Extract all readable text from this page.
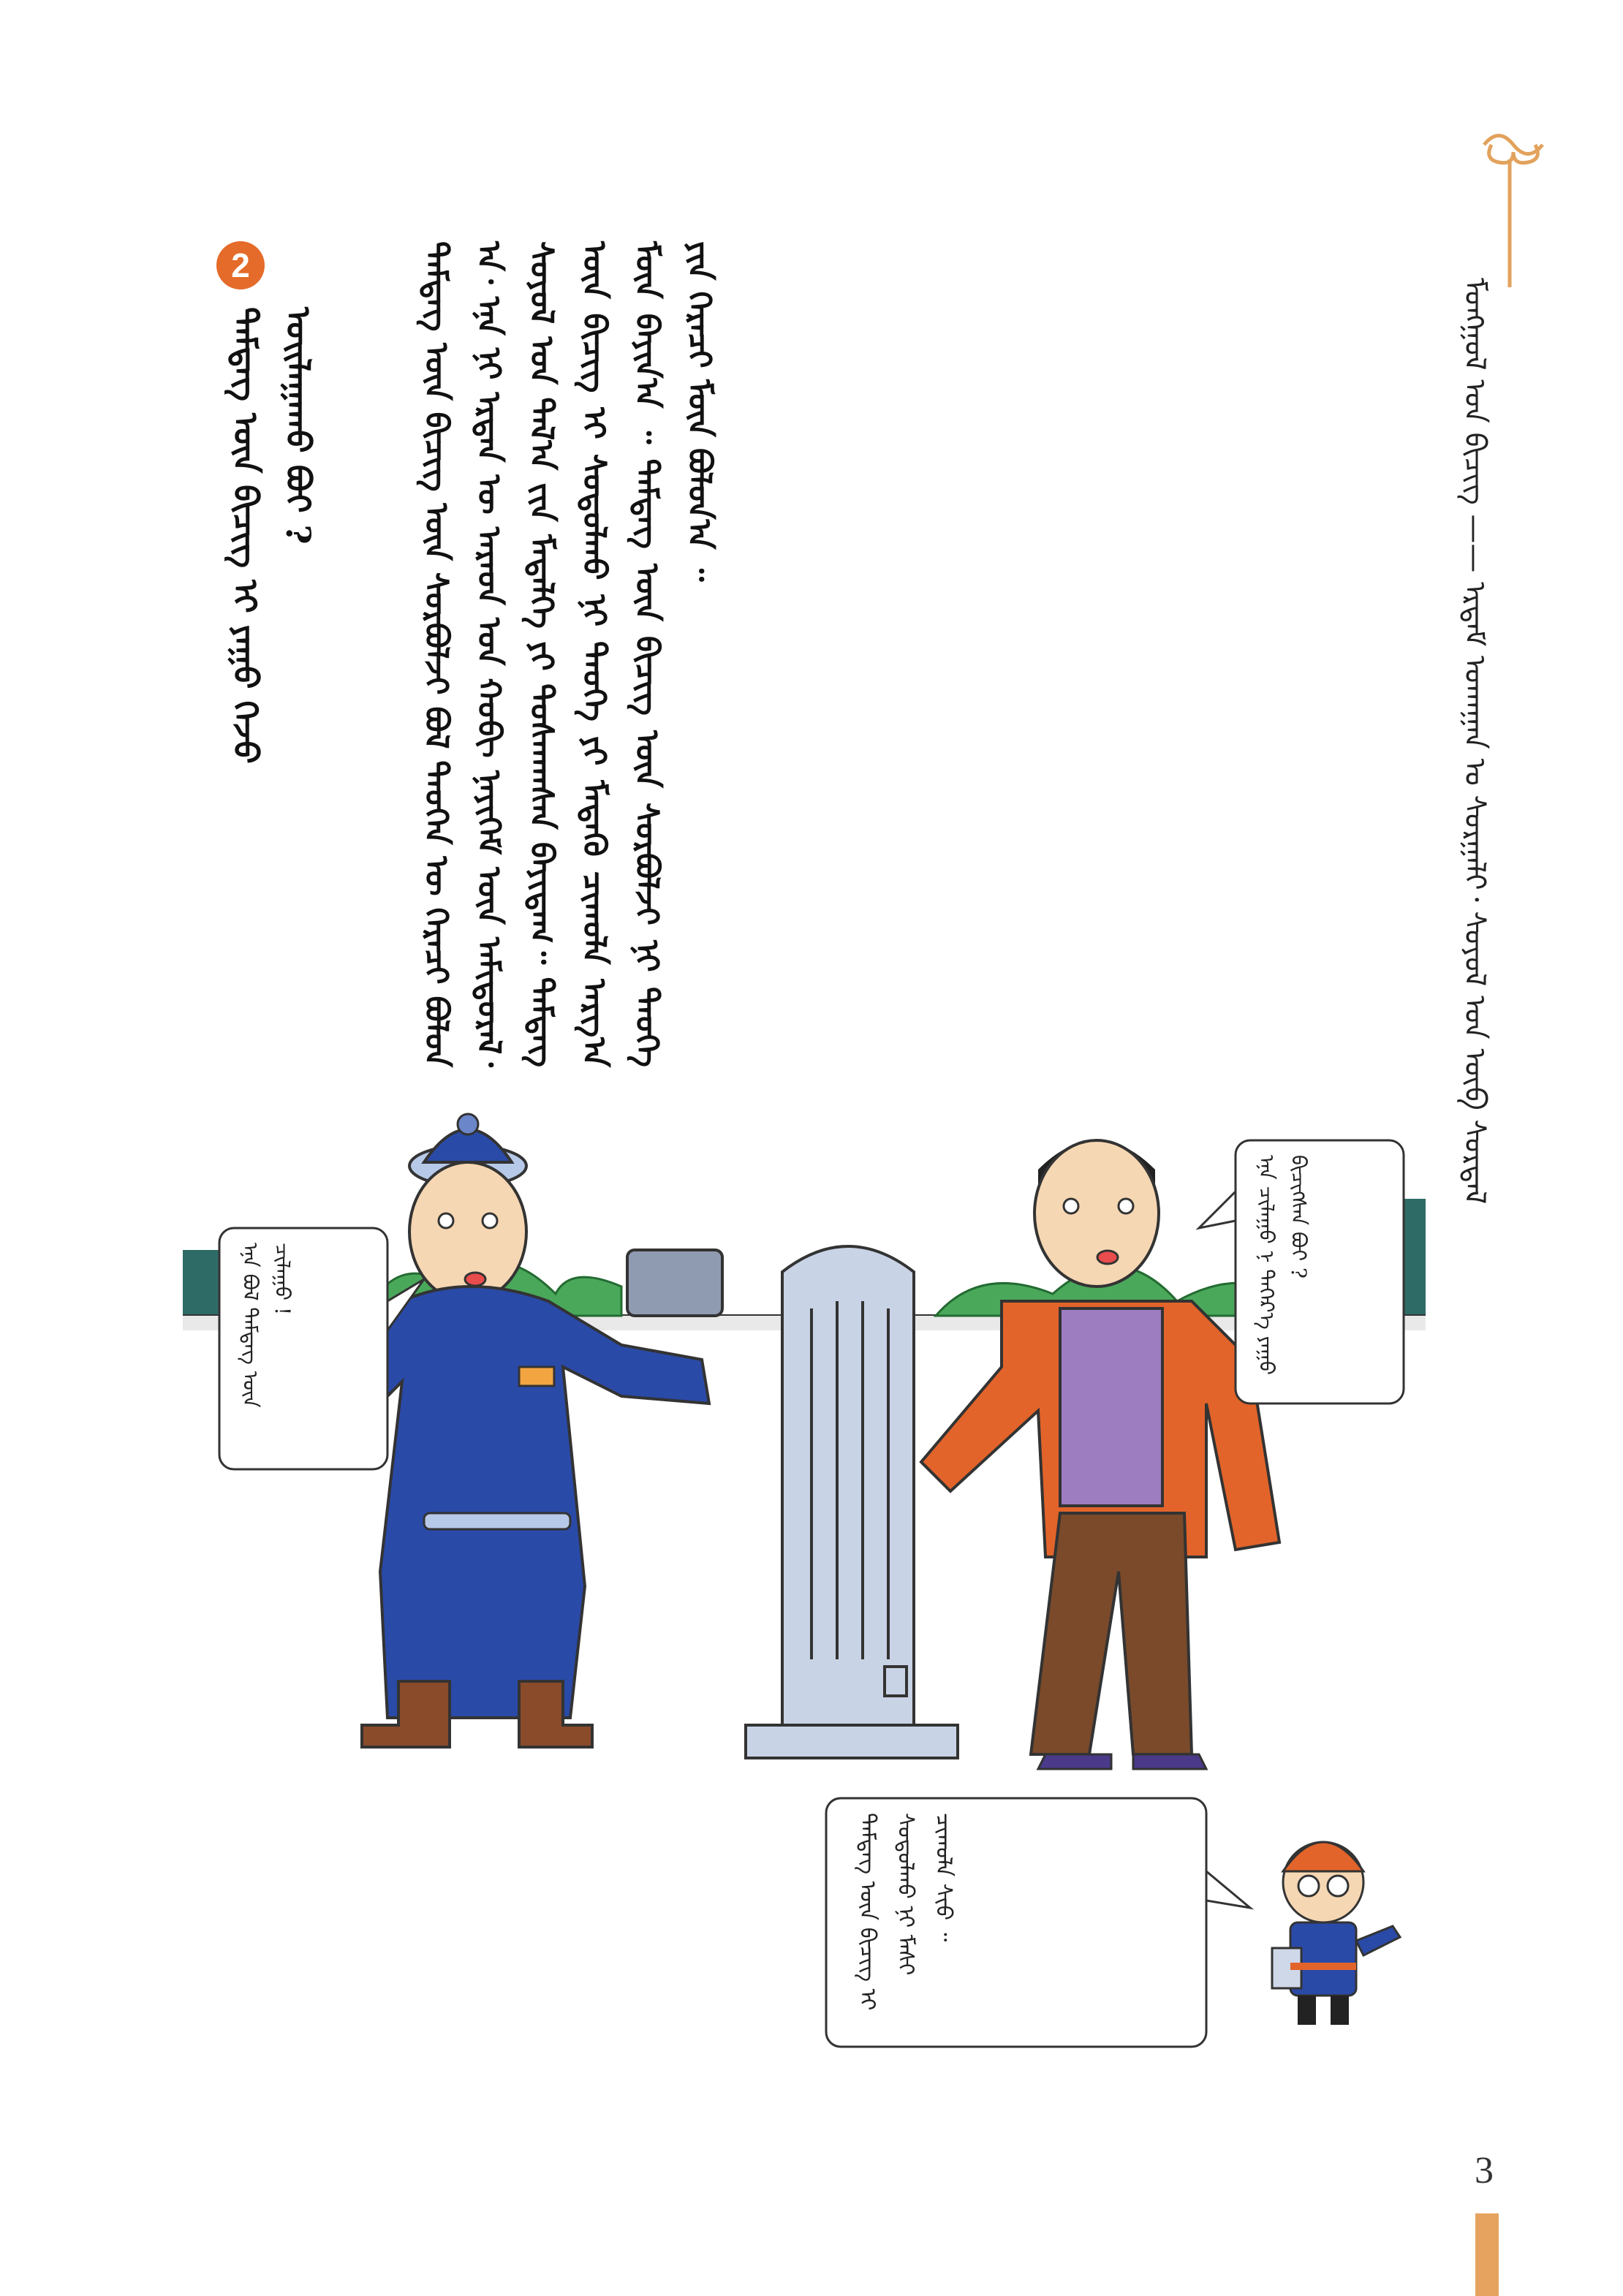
ᠮᠣᠩᠭᠣᠯ ᠤᠨ ᠪᠢᠴᠢᠭ —— ᠡᠷᠳᠡᠮ ᠤᠬᠠᠭᠠᠨ ᠤ ᠰᠤᠷᠭᠠᠯᠢ᠂ ᠰᠤᠶᠤᠯ ᠤᠨ ᠦᠪ ᠰᠤᠷᠲᠠᠯ
ᠲᠡᠮᠳᠡᠭ ᠦᠨ ᠪᠢᠴᠢᠭ ᠦᠨ ᠰᠤᠷᠪᠤᠯᠵᠢ ᠪᠣᠯ ᠲᠡᠦᠬᠡᠨ ᠦ ᠭᠡᠷᠡᠴᠢ ᠪᠣᠯᠤᠨ ᠠ᠂ ᠡᠨᠡ ᠨᠢ ᠡᠷᠲᠡᠨ ᠦ ᠠᠷᠠᠳ ᠤᠨ ᠬᠤᠪᠢ ᠨᠡᠶᠢᠭᠡᠮ ᠦᠨ ᠠᠮᠢᠳᠤᠷᠠᠯ᠂ ᠰᠣᠶᠤᠯ ᠤᠨ ᠲᠠᠯ᠎ᠠ ᠵᠢᠨ ᠮᠡᠳᠡᠯᠭᠡ ᠶᠢ ᠲᠤᠰᠬᠠᠭᠰᠠᠨ ᠪᠠᠶᠢᠳᠠᠭ᠃ ᠲᠡᠮᠳᠡᠭ ᠦᠨ ᠪᠢᠴᠢᠭ ᠢ ᠰᠤᠳᠤᠯᠬᠤ ᠨᠢ ᠲᠡᠦᠬᠡ ᠶᠢ ᠮᠡᠳᠡᠬᠦ ᠴᠢᠬᠤᠯᠠ ᠠᠷᠭ᠎ᠠ ᠮᠥᠨ ᠪᠠᠶᠢᠨ᠎ᠠ ᠃ ᠲᠡᠮᠳᠡᠭ ᠦᠨ ᠪᠢᠴᠢᠭ ᠦᠨ ᠰᠤᠷᠪᠤᠯᠵᠢ ᠨᠢ ᠲᠡᠦᠬᠡ ᠶᠢᠨ ᠭᠡᠷᠡᠴᠢ ᠮᠥᠨ ᠪᠣᠯᠤᠨ᠎ᠠ ᠃
2
ᠲᠡᠮᠳᠡᠭ ᠦᠨ ᠪᠢᠴᠢᠭ ᠢ ᠶᠠᠭᠤ ᠭᠡᠵᠦ ᠣᠢᠯᠠᠭᠠᠬᠤ ᠪᠤᠢ ?
ᠡᠨᠡ ᠪᠣᠯ ᠲᠡᠮᠳᠡᠭ ᠦᠨ ᠴᠢᠯᠠᠭᠤ !	ᠡᠨᠡ ᠴᠢᠯᠠᠭᠤ ᠨ ᠳᠡᠭᠡᠷ᠎ᠡ ᠶᠠᠭᠤ ᠪᠢᠴᠢᠭᠰᠡᠨ ᠪᠤᠢ ?
ᠲᠡᠮᠳᠡᠭ ᠦᠨ ᠪᠢᠴᠢᠭ ᠢ ᠰᠤᠳᠤᠯᠬᠤ ᠨᠢ ᠮᠠᠰᠢ ᠴᠢᠬᠤᠯᠠ ᠰᠢᠦ ᠃
3
